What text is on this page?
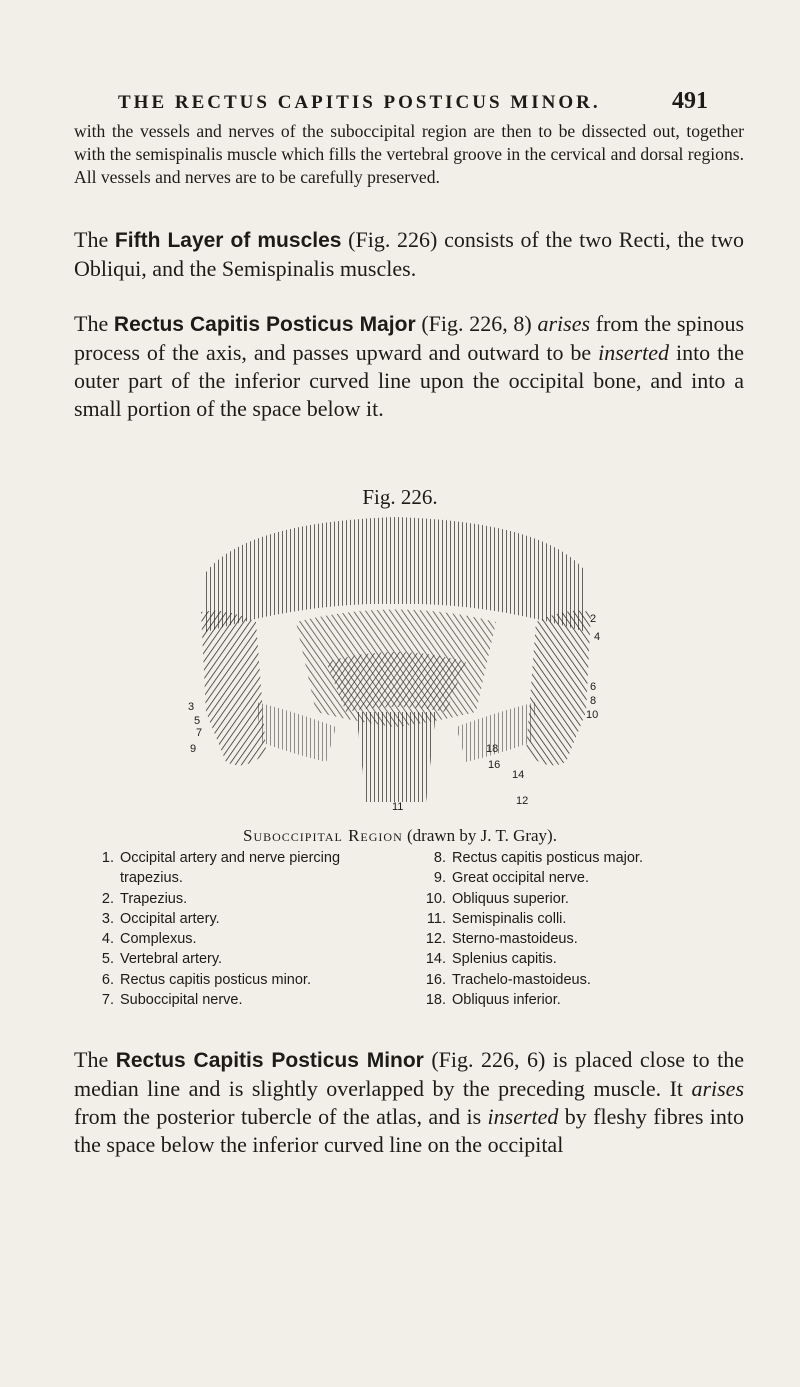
THE RECTUS CAPITIS POSTICUS MINOR.	491

with the vessels and nerves of the suboccipital region are then to be dissected out, together with the semispinalis muscle which fills the vertebral groove in the cervical and dorsal regions. All vessels and nerves are to be carefully preserved.

The Fifth Layer of muscles (Fig. 226) consists of the two Recti, the two Obliqui, and the Semispinalis muscles.

The Rectus Capitis Posticus Major (Fig. 226, 8) arises from the spinous process of the axis, and passes upward and outward to be inserted into the outer part of the inferior curved line upon the occipital bone, and into a small portion of the space below it.

Fig. 226.
2
4
6
8
10
3
5
7
9	18
16
14
12
11
Suboccipital Region (drawn by J. T. Gray).
1. Occipital artery and nerve piercing
trapezius.
2. Trapezius.
3. Occipital artery.
4. Complexus.
5. Vertebral artery.
6. Rectus capitis posticus minor.
7. Suboccipital nerve.
8. Rectus capitis posticus major.
9. Great occipital nerve.
10. Obliquus superior.
11. Semispinalis colli.
12. Sterno-mastoideus.
14. Splenius capitis.
16. Trachelo-mastoideus.
18. Obliquus inferior.

The Rectus Capitis Posticus Minor (Fig. 226, 6) is placed close to the median line and is slightly overlapped by the preceding muscle. It arises from the posterior tubercle of the atlas, and is inserted by fleshy fibres into the space below the inferior curved line on the occipital
